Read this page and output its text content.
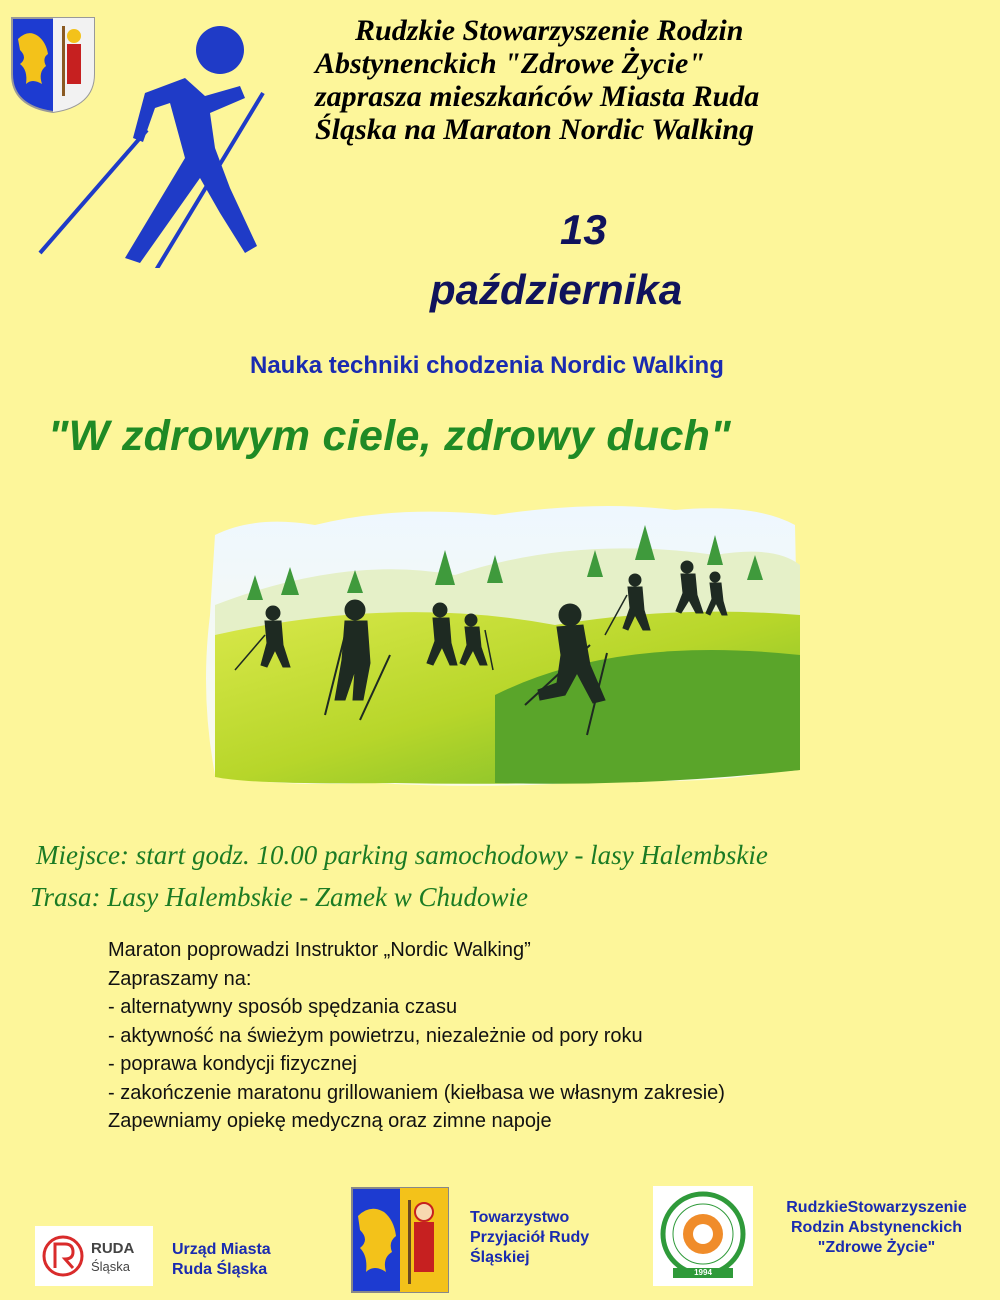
Rudzkie Stowarzyszenie Rodzin
Abstynenckich "Zdrowe Życie"
zaprasza mieszkańców Miasta Ruda
Śląska na Maraton Nordic Walking
13
października
Nauka techniki chodzenia Nordic Walking
"W zdrowym ciele, zdrowy duch"
Miejsce: start godz. 10.00 parking samochodowy - lasy Halembskie
Trasa: Lasy Halembskie - Zamek w Chudowie
Maraton poprowadzi Instruktor „Nordic Walking”
Zapraszamy na:
- alternatywny sposób spędzania czasu
- aktywność na świeżym powietrzu, niezależnie od pory roku
- poprawa kondycji fizycznej
- zakończenie maratonu grillowaniem (kiełbasa we własnym zakresie)
Zapewniamy opiekę medyczną oraz zimne napoje
RUDA
Śląska
Urząd Miasta
Ruda Śląska
Towarzystwo
Przyjaciół Rudy
Śląskiej
1994
RudzkieStowarzyszenie
Rodzin Abstynenckich
"Zdrowe Życie"
